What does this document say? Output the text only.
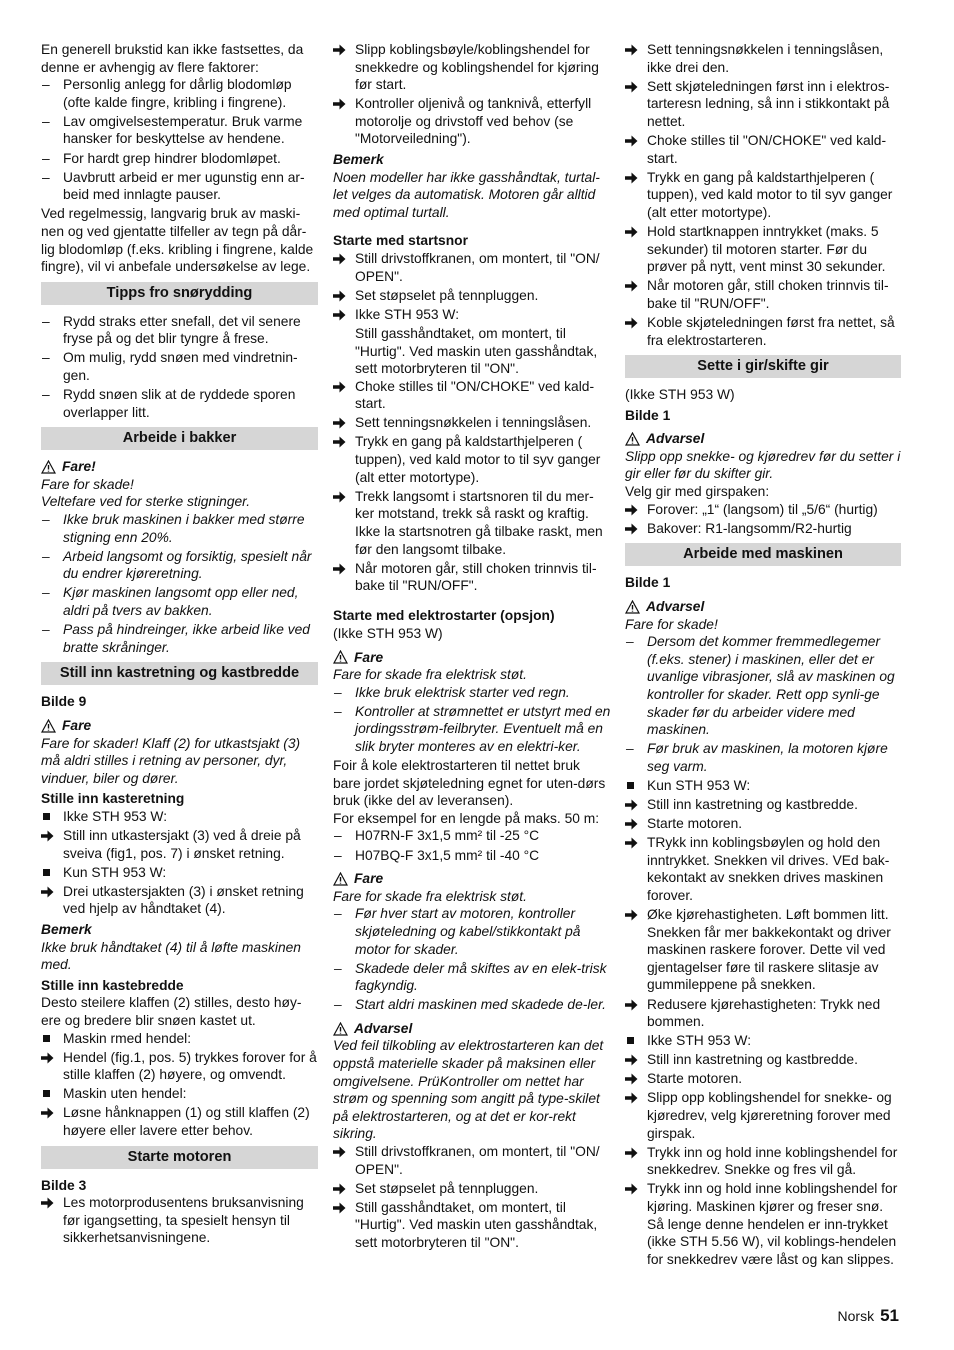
En generell brukstid kan ikke fastsettes, da denne er avhengig av flere faktorer:
– Personlig anlegg for dårlig blodomløp (ofte kalde fingre, kribling i fingrene).
– Lav omgivelsestemperatur. Bruk varme hansker for beskyttelse av hendene.
– For hardt grep hindrer blodomløpet.
– Uavbrutt arbeid er mer ugunstig enn ar-beid med innlagte pauser.
Ved regelmessig, langvarig bruk av maski-nen og ved gjentatte tilfeller av tegn på dår-lig blodomløp (f.eks. kribling i fingrene, kalde fingre), vil vi anbefale undersøkelse av lege.
Tipps fro snørydding
– Rydd straks etter snefall, det vil senere fryse på og det blir tyngre å frese.
– Om mulig, rydd snøen med vindretnin-gen.
– Rydd snøen slik at de ryddede sporen overlapper litt.
Arbeide i bakker
Fare!
Fare for skade!
Veltefare ved for sterke stigninger.
– Ikke bruk maskinen i bakker med større stigning enn 20%.
– Arbeid langsomt og forsiktig, spesielt når du endrer kjøreretning.
– Kjør maskinen langsomt opp eller ned, aldri på tvers av bakken.
– Pass på hindreinger, ikke arbeid like ved bratte skråninger.
Still inn kastretning og kastbredde
Bilde 9
Fare
Fare for skader! Klaff (2) for utkastsjakt (3) må aldri stilles i retning av personer, dyr, vinduer, biler og dører.
Stille inn kasteretning
Ikke STH 953 W:
Still inn utkastersjakt (3) ved å dreie på sveiva (fig1, pos. 7) i ønsket retning.
Kun STH 953 W:
Drei utkastersjakten (3) i ønsket retning ved hjelp av håndtaket (4).
Bemerk
Ikke bruk håndtaket (4) til å løfte maskinen med.
Stille inn kastebredde
Desto steilere klaffen (2) stilles, desto høy-ere og bredere blir snøen kastet ut.
Maskin rmed hendel:
Hendel (fig.1, pos. 5) trykkes forover for å stille klaffen (2) høyere, og omvendt.
Maskin uten hendel:
Løsne hånknappen (1) og still klaffen (2) høyere eller lavere etter behov.
Starte motoren
Bilde 3
Les motorprodusentens bruksanvisning før igangsetting, ta spesielt hensyn til sikkerhetsanvisningene.
Slipp koblingsbøyle/koblingshendel for snekkedre og koblingshendel for kjøring før start.
Kontroller oljenivå og tanknivå, etterfyll motorolje og drivstoff ved behov (se "Motorveiledning").
Bemerk
Noen modeller har ikke gasshåndtak, turtal-let velges da automatisk. Motoren går alltid med optimal turtall.
Starte med startsnor
Still drivstoffkranen, om montert, til "ON/ OPEN".
Set støpselet på tennpluggen.
Ikke STH 953 W:
Still gasshåndtaket, om montert, til "Hurtig". Ved maskin uten gasshåndtak, sett motorbryteren til "ON".
Choke stilles til "ON/CHOKE" ved kald-start.
Sett tenningsnøkkelen i tenningslåsen.
Trykk en gang på kaldstarthjelperen ( tuppen), ved kald motor to til syv ganger (alt etter motortype).
Trekk langsomt i startsnoren til du mer-ker motstand, trekk så raskt og kraftig. Ikke la startsnotren gå tilbake raskt, men før den langsomt tilbake.
Når motoren går, still choken trinnvis til-bake til "RUN/OFF".
Starte med elektrostarter (opsjon)
(Ikke STH 953 W)
Fare
Fare for skade fra elektrisk støt.
– Ikke bruk elektrisk starter ved regn.
– Kontroller at strømnettet er utstyrt med en jordingsstrøm-feilbryter. Eventuelt må en slik bryter monteres av en elektri-ker.
Foir å kole elektrostarteren til nettet bruk bare jordet skjøteledning egnet for uten-dørs bruk (ikke del av leveransen).
For eksempel for en lengde på maks. 50 m:
– H07RN-F 3x1,5 mm² til -25 °C
– H07BQ-F 3x1,5 mm² til -40 °C
Fare
Fare for skade fra elektrisk støt.
– Før hver start av motoren, kontroller skjøteledning og kabel/stikkontakt på motor for skader.
– Skadede deler må skiftes av en elek-trisk fagkyndig.
– Start aldri maskinen med skadede de-ler.
Advarsel
Ved feil tilkobling av elektrostarteren kan det oppstå materielle skader på maksinen eller omgivelsene. PrüKontroller om nettet har strøm og spenning som angitt på type-skilet på elektrostarteren, og at det er kor-rekt sikring.
Still drivstoffkranen, om montert, til "ON/ OPEN".
Set støpselet på tennpluggen.
Still gasshåndtaket, om montert, til "Hurtig". Ved maskin uten gasshåndtak, sett motorbryteren til "ON".
Sett tenningsnøkkelen i tenningslåsen, ikke drei den.
Sett skjøteledningen først inn i elektros-tarteresn ledning, så inn i stikkontakt på nettet.
Choke stilles til "ON/CHOKE" ved kald-start.
Trykk en gang på kaldstarthjelperen ( tuppen), ved kald motor to til syv ganger (alt etter motortype).
Hold startknappen inntrykket (maks. 5 sekunder) til motoren starter. Før du prøver på nytt, vent minst 30 sekunder.
Når motoren går, still choken trinnvis til-bake til "RUN/OFF".
Koble skjøteledningen først fra nettet, så fra elektrostarteren.
Sette i gir/skifte gir
(Ikke STH 953 W)
Bilde 1
Advarsel
Slipp opp snekke- og kjøredrev før du setter i gir eller før du skifter gir.
Velg gir med girspaken:
Forover: „1“ (langsom) til „5/6“ (hurtig)
Bakover: R1-langsomm/R2-hurtig
Arbeide med maskinen
Bilde 1
Advarsel
Fare for skade!
– Dersom det kommer fremmedlegemer (f.eks. stener) i maskinen, eller det er uvanlige vibrasjoner, slå av maskinen og kontroller for skader. Rett opp synli-ge skader før du arbeider videre med maskinen.
– Før bruk av maskinen, la motoren kjøre seg varm.
Kun STH 953 W:
Still inn kastretning og kastbredde.
Starte motoren.
TRykk inn koblingsbøylen og hold den inntrykket. Snekken vil drives. VEd bak-kekontakt av snekken drives maskinen forover.
Øke kjørehastigheten. Løft bommen litt. Snekken får mer bakkekontakt og driver maskinen raskere forover. Dette vil ved gjentagelser føre til raskere slitasje av gummileppene på snekken.
Redusere kjørehastigheten: Trykk ned bommen.
Ikke STH 953 W:
Still inn kastretning og kastbredde.
Starte motoren.
Slipp opp koblingshendel for snekke- og kjøredrev, velg kjøreretning forover med girspak.
Trykk inn og hold inne koblingshendel for snekkedrev. Snekke og fres vil gå.
Trykk inn og hold inne koblingshendel for kjøring. Maskinen kjører og freser snø. Så lenge denne hendelen er inn-trykket (ikke STH 5.56 W), vil koblings-hendelen for snekkedrev være låst og kan slippes.
Norsk 51
